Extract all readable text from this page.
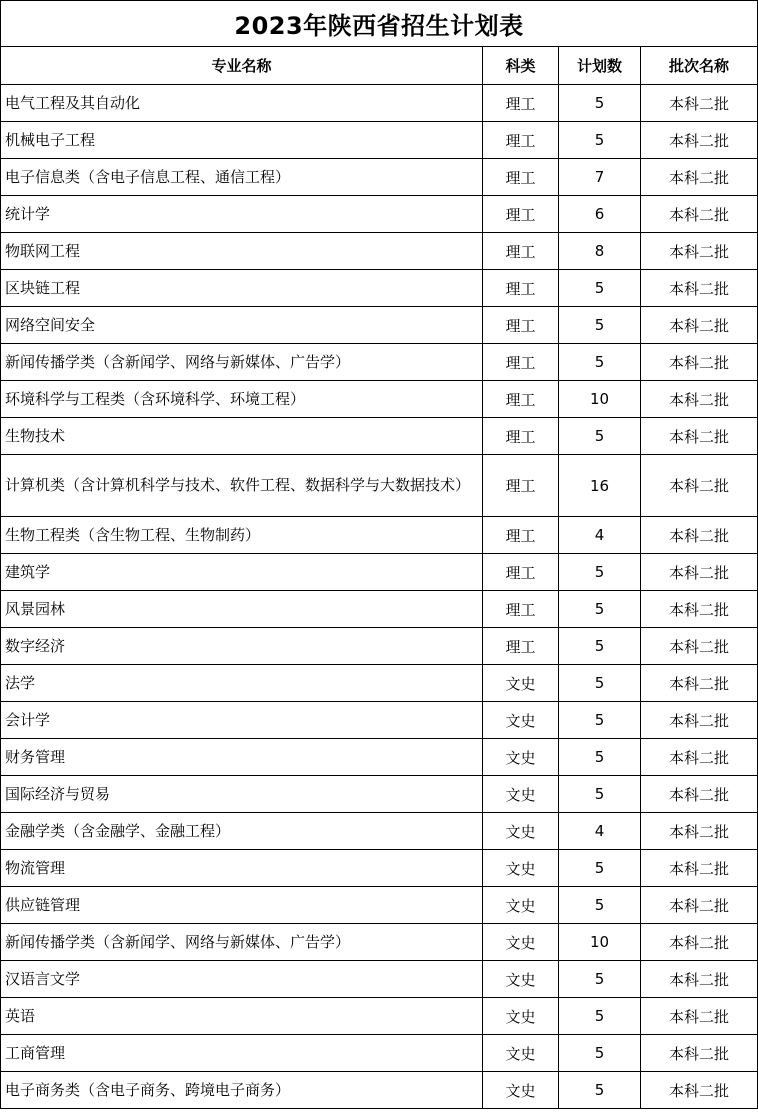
2023年陕西省招生计划表			
专业名称	科类	计划数	批次名称
电气工程及其自动化	理工	5	本科二批
机械电子工程	理工	5	本科二批
电子信息类（含电子信息工程、通信工程）	理工	7	本科二批
统计学	理工	6	本科二批
物联网工程	理工	8	本科二批
区块链工程	理工	5	本科二批
网络空间安全	理工	5	本科二批
新闻传播学类（含新闻学、网络与新媒体、广告学）	理工	5	本科二批
环境科学与工程类（含环境科学、环境工程）	理工	10	本科二批
生物技术	理工	5	本科二批
计算机类（含计算机科学与技术、软件工程、数据科学与大数据技术）	理工	16	本科二批
生物工程类（含生物工程、生物制药）	理工	4	本科二批
建筑学	理工	5	本科二批
风景园林	理工	5	本科二批
数字经济	理工	5	本科二批
法学	文史	5	本科二批
会计学	文史	5	本科二批
财务管理	文史	5	本科二批
国际经济与贸易	文史	5	本科二批
金融学类（含金融学、金融工程）	文史	4	本科二批
物流管理	文史	5	本科二批
供应链管理	文史	5	本科二批
新闻传播学类（含新闻学、网络与新媒体、广告学）	文史	10	本科二批
汉语言文学	文史	5	本科二批
英语	文史	5	本科二批
工商管理	文史	5	本科二批
电子商务类（含电子商务、跨境电子商务）	文史	5	本科二批
